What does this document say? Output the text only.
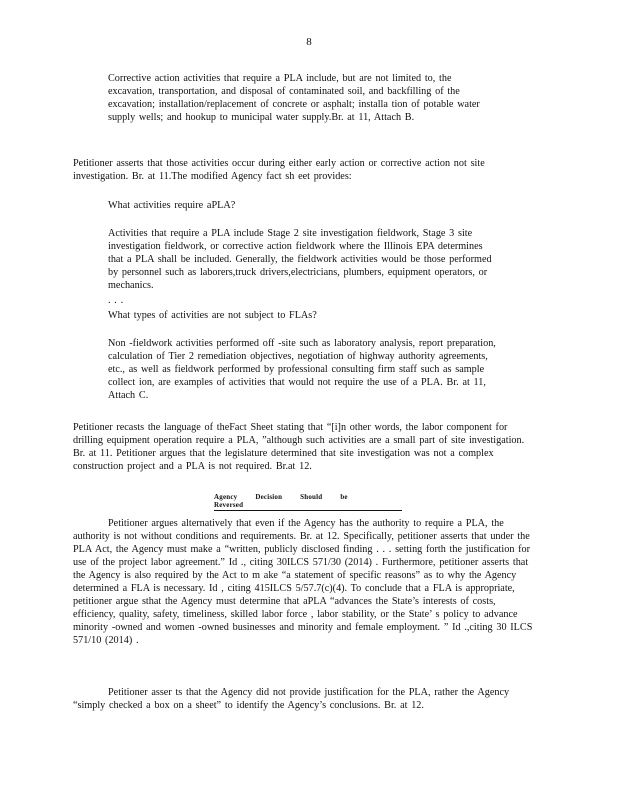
8

Corrective action activities that require a PLA include, but are not limited to, the excavation, transportation, and disposal of contaminated soil, and backfilling of the excavation; installation/replacement of concrete or asphalt; installa tion of potable water supply wells; and hookup to municipal water supply.Br. at 11, Attach B.

Petitioner asserts that those activities occur during either early action or corrective action not site investigation. Br. at 11.The modified Agency fact sh eet provides:

What activities require aPLA?

Activities that require a PLA include Stage 2 site investigation fieldwork, Stage 3 site investigation fieldwork, or corrective action fieldwork where the Illinois EPA determines that a PLA shall be included. Generally, the fieldwork activities would be those performed by personnel such as laborers,truck drivers,electricians, plumbers, equipment operators, or mechanics.

. . .

What types of activities are not subject to FLAs?

Non -fieldwork activities performed off -site such as laboratory analysis, report preparation, calculation of Tier 2 remediation objectives, negotiation of highway authority agreements, etc., as well as fieldwork performed by professional consulting firm staff such as sample collect ion, are examples of activities that would not require the use of a PLA. Br. at 11, Attach C.

Petitioner recasts the language of theFact Sheet stating that “[i]n other words, the labor component for drilling equipment operation require a PLA, ”although such activities are a small part of site investigation. Br. at 11. Petitioner argues that the legislature determined that site investigation was not a complex construction project and a PLA is not required. Br.at 12.

Agency	Decision	Should	be Reversed

Petitioner argues alternatively that even if the Agency has the authority to require a PLA, the authority is not without conditions and requirements. Br. at 12. Specifically, petitioner asserts that under the PLA Act, the Agency must make a “written, publicly disclosed finding . . . setting forth the justification for use of the project labor agreement.” Id ., citing 30ILCS 571/30 (2014) . Furthermore, petitioner asserts that the Agency is also required by the Act to m ake “a statement of specific reasons” as to why the Agency determined a FLA is necessary. Id , citing 415ILCS 5/57.7(c)(4). To conclude that a FLA is appropriate, petitioner argue sthat the Agency must determine that aPLA “advances the State’s interests of costs, efficiency, quality, safety, timeliness, skilled labor force , labor stability, or the State’ s policy to advance minority -owned and women -owned businesses and minority and female employment. ” Id .,citing 30 ILCS 571/10 (2014) .

Petitioner asser ts that the Agency did not provide justification for the PLA, rather the Agency “simply checked a box on a sheet” to identify the Agency’s conclusions. Br. at 12.
